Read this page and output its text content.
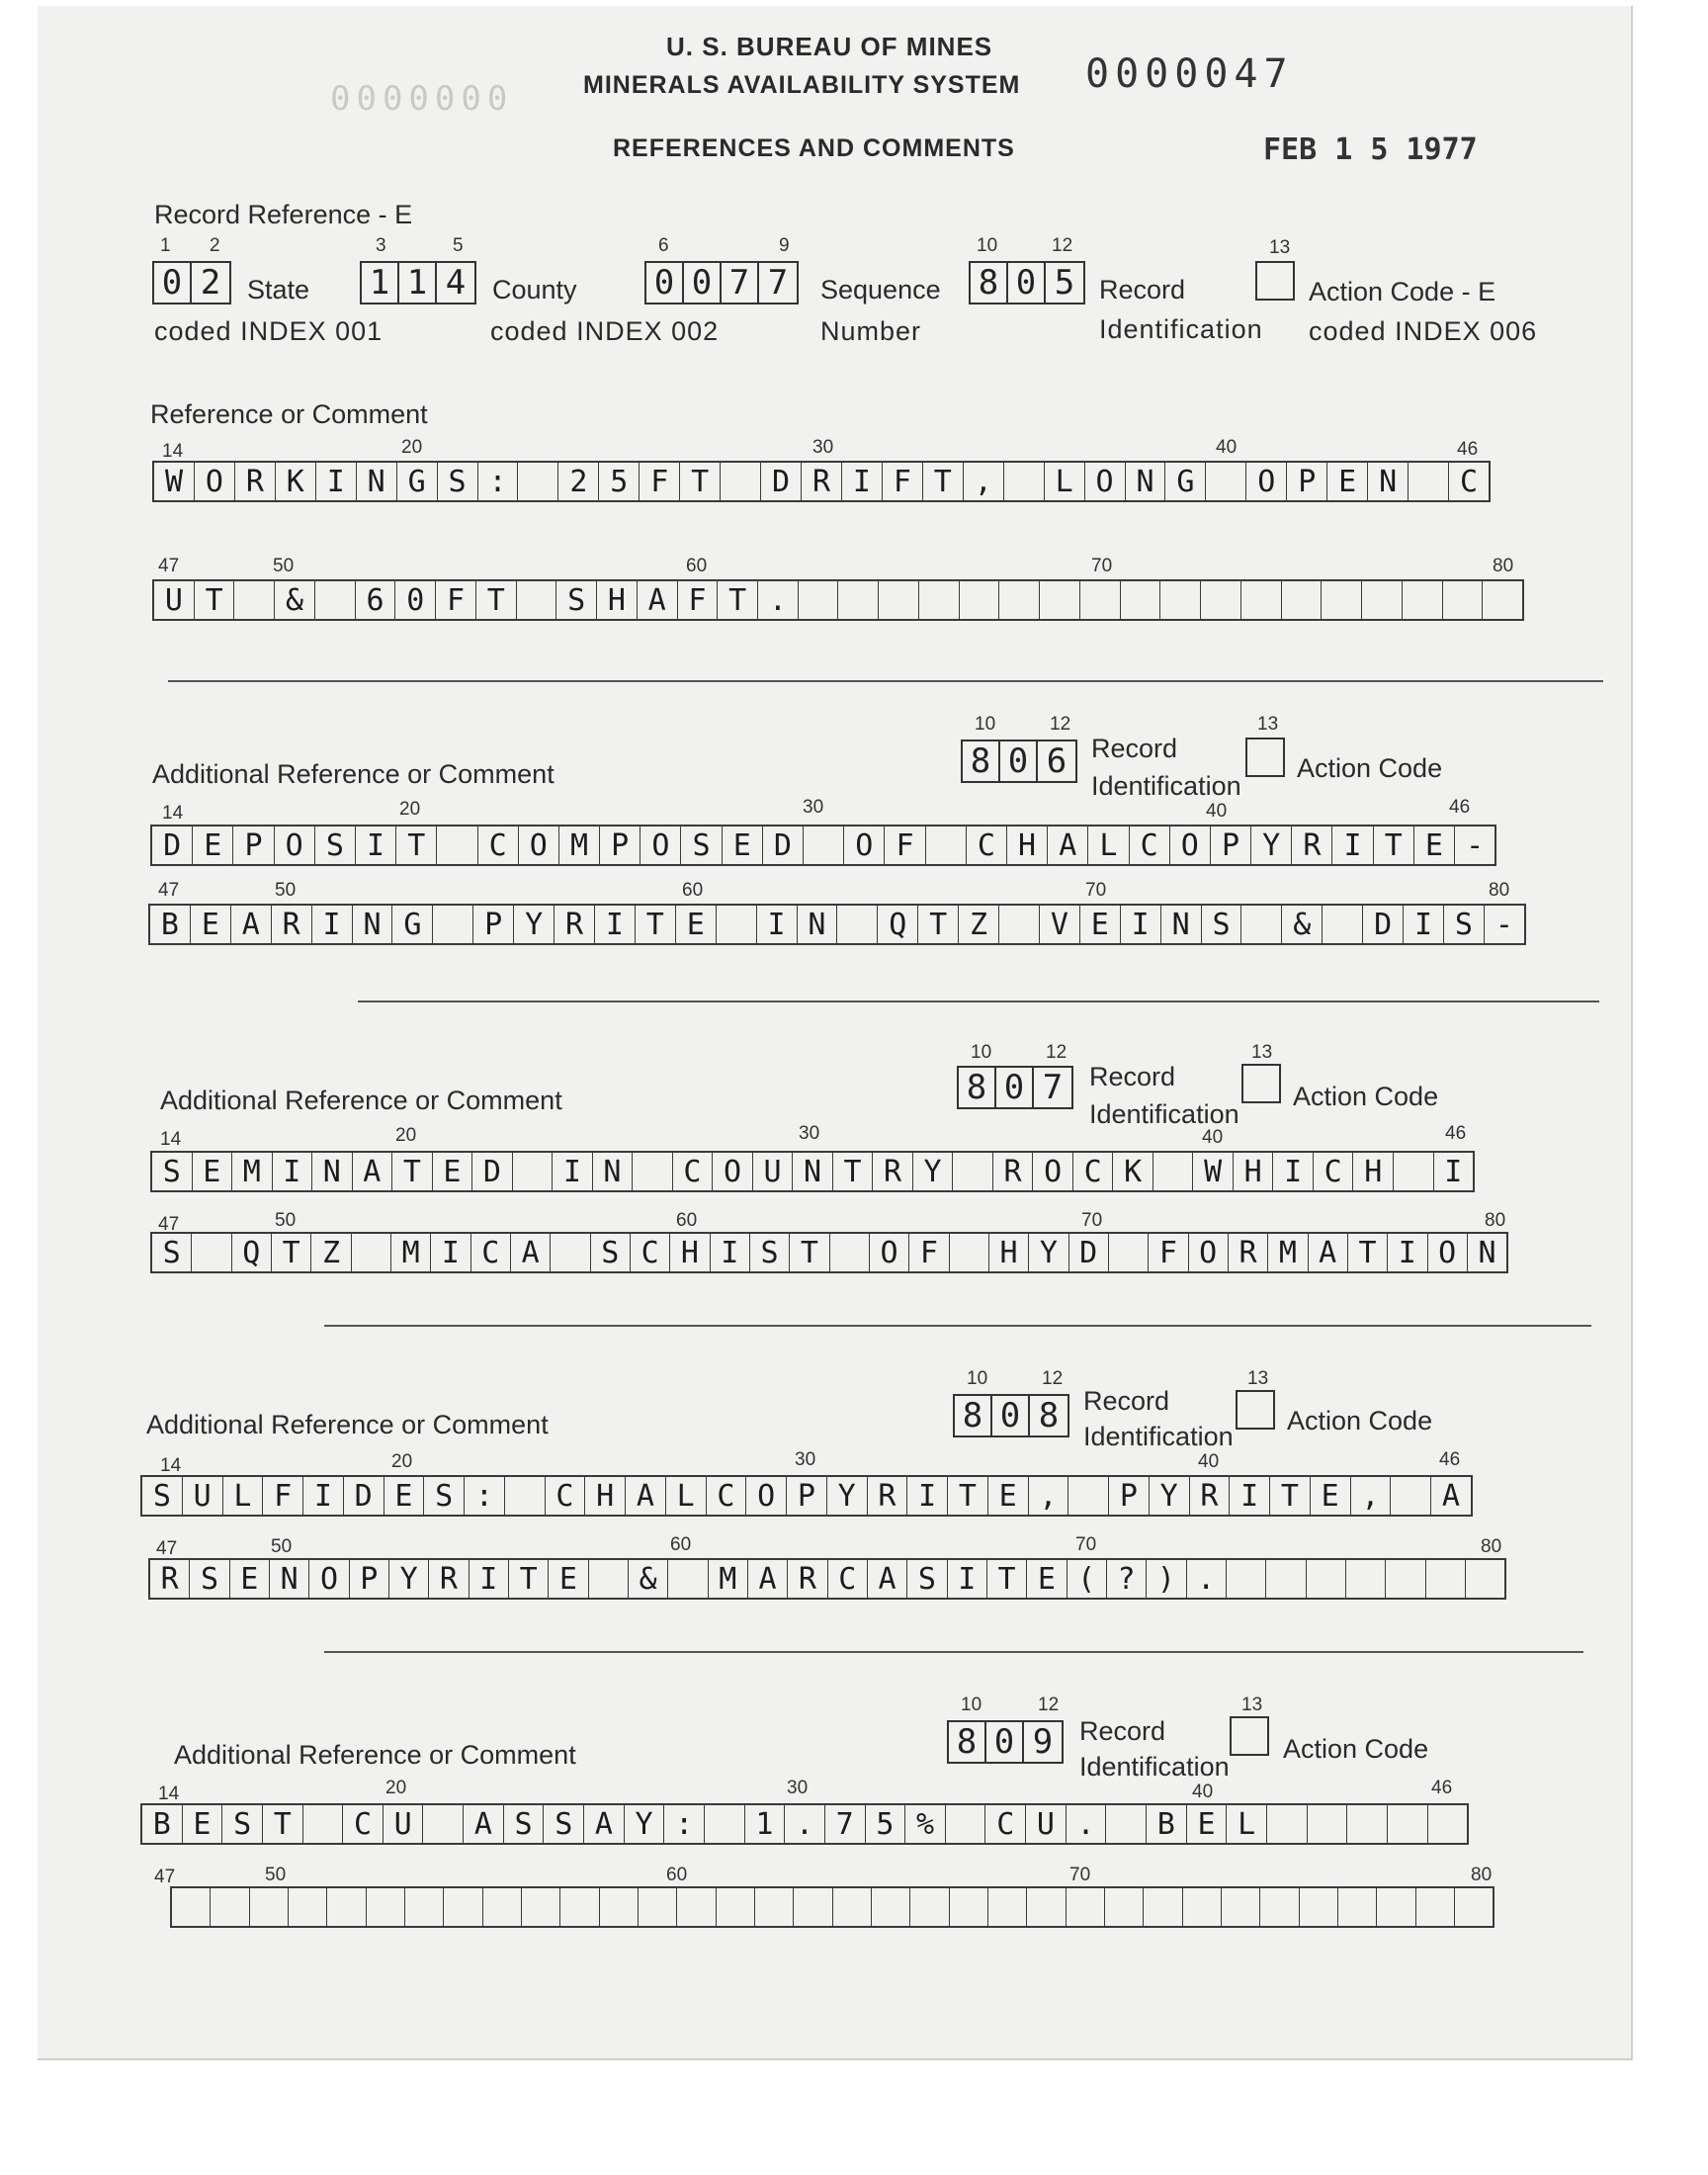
U. S. BUREAU OF MINES
MINERALS AVAILABILITY SYSTEM 0000047
0000000
REFERENCES AND COMMENTS	FEB 1 5 1977
Record Reference - E
1 2
0 2 State
coded INDEX 001
3	5
1 1 4 County
coded INDEX 002
6	9
0 0 7 7	Sequence
Number
10	12
8 0 5 Record
Identification
13
Action Code - E
coded INDEX 006
Reference or Comment
14	20	30	40	46
W O R K I N G S :	2 5 F T	D R I F T ,	L O N G	O P E N	C
47	50	60	70	80
U T	&	6 0 F T	S H A F T .
10	12
8 0 6 Record
Identification
13
Action Code
Additional Reference or Comment
14	20	30	40	46
D E P O S I T	C O M P O S E D	O F	C H A L C O P Y R I T E -
47	50	60	70	80
B E A R I N G	P Y R I T E	I N	Q T Z	V E I N S	&	D I S -
10	12
8 0 7 Record
Identification
13
Action Code
Additional Reference or Comment
14	20	30	40	46
S E M I N A T E D	I N	C O U N T R Y	R O C K	W H I C H	I
47	50	60	70	80
S	Q T Z	M I C A	S C H I S T	O F	H Y D	F O R M A T I O N
10	12
8 0 8 Record
Identification
13
Action Code
Additional Reference or Comment
14	20	30	40	46
S U L F I D E S :	C H A L C O P Y R I T E ,	P Y R I T E ,	A
47	50	60	70	80
R S E N O P Y R I T E	&	M A R C A S I T E ( ? ) .
10	12
8 0 9 Record
Identification
13
Action Code
Additional Reference or Comment
14	20	30	40	46
B E S T	C U	A S S A Y :	1 . 7 5 %	C U .	B E L
47	50	60	70	80
